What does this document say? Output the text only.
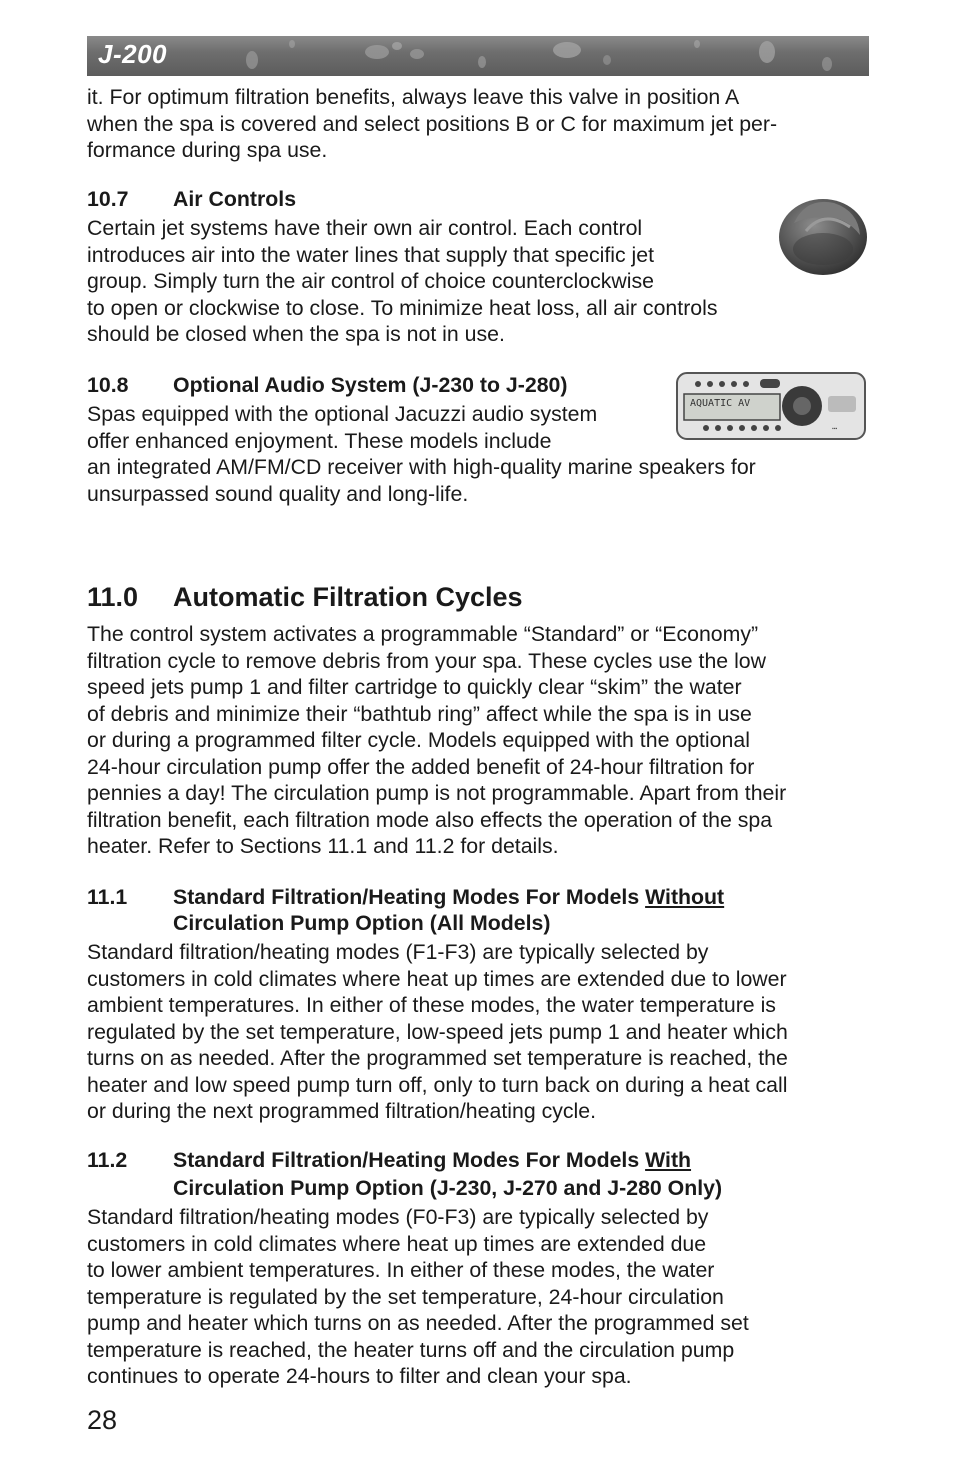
J-200
it. For optimum filtration benefits, always leave this valve in position A
when the spa is covered and select positions B or C for maximum jet per-
formance during spa use.
10.7 Air Controls
Certain jet systems have their own air control. Each control
introduces air into the water lines that supply that specific jet
group. Simply turn the air control of choice counterclockwise
to open or clockwise to close. To minimize heat loss, all air controls
should be closed when the spa is not in use.
10.8 Optional Audio System (J-230 to J-280)
Spas equipped with the optional Jacuzzi audio system
offer enhanced enjoyment. These models include
an integrated AM/FM/CD receiver with high-quality marine speakers for
unsurpassed sound quality and long-life.
AQUATIC AV
▪▪▪
11.0 Automatic Filtration Cycles
The control system activates a programmable “Standard” or “Economy”
filtration cycle to remove debris from your spa. These cycles use the low
speed jets pump 1 and filter cartridge to quickly clear “skim” the water
of debris and minimize their “bathtub ring” affect while the spa is in use
or during a programmed filter cycle. Models equipped with the optional
24-hour circulation pump offer the added benefit of 24-hour filtration for
pennies a day! The circulation pump is not programmable. Apart from their
filtration benefit, each filtration mode also effects the operation of the spa
heater. Refer to Sections 11.1 and 11.2 for details.
11.1 Standard Filtration/Heating Modes For Models Without
Circulation Pump Option (All Models)
Standard filtration/heating modes (F1-F3) are typically selected by
customers in cold climates where heat up times are extended due to lower
ambient temperatures. In either of these modes, the water temperature is
regulated by the set temperature, low-speed jets pump 1 and heater which
turns on as needed. After the programmed set temperature is reached, the
heater and low speed pump turn off, only to turn back on during a heat call
or during the next programmed filtration/heating cycle.
11.2 Standard Filtration/Heating Modes For Models With
Circulation Pump Option (J-230, J-270 and J-280 Only)
Standard filtration/heating modes (F0-F3) are typically selected by
customers in cold climates where heat up times are extended due
to lower ambient temperatures. In either of these modes, the water
temperature is regulated by the set temperature, 24-hour circulation
pump and heater which turns on as needed. After the programmed set
temperature is reached, the heater turns off and the circulation pump
continues to operate 24-hours to filter and clean your spa.
28
